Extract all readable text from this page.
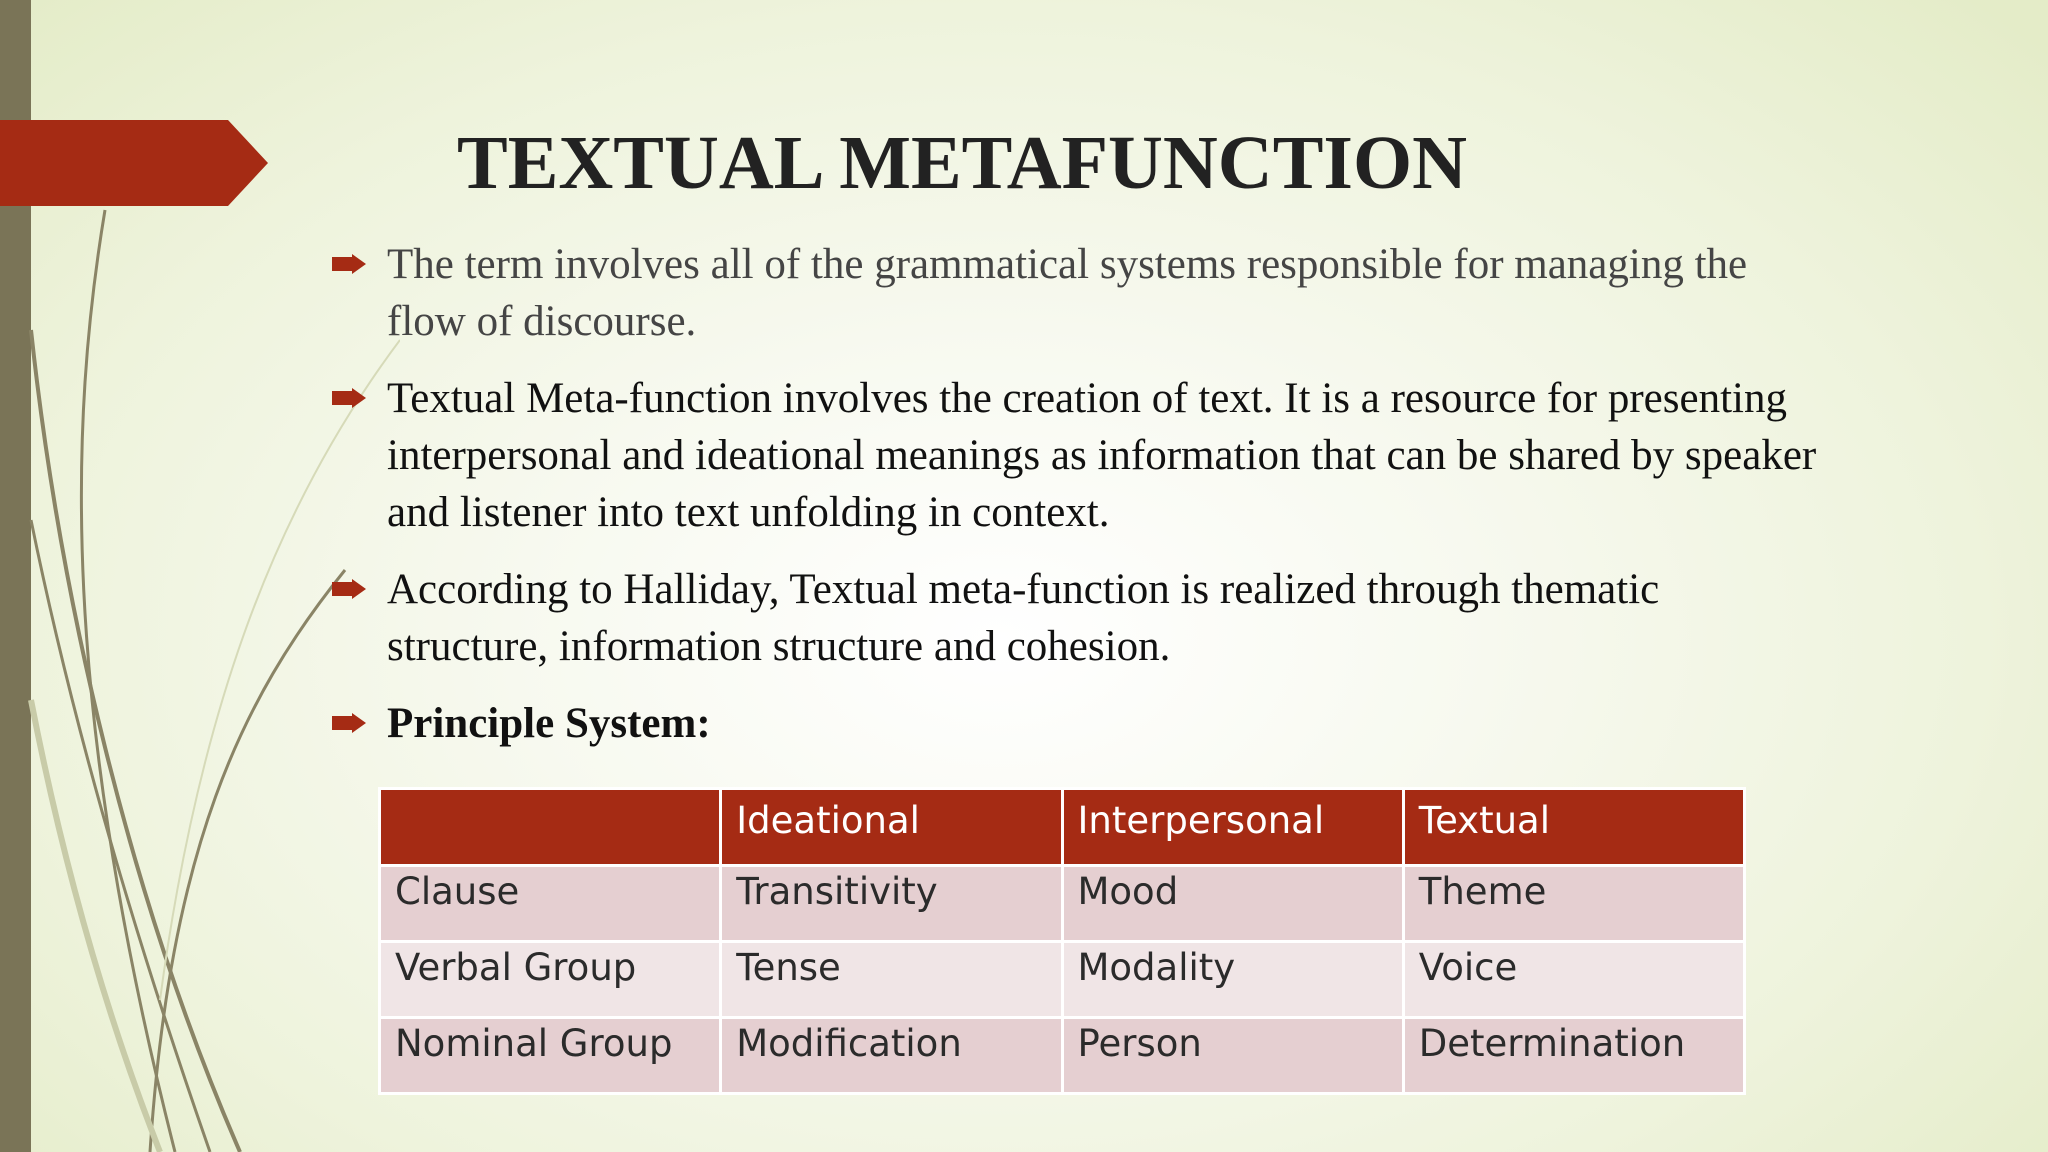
TEXTUAL METAFUNCTION
The term involves all of the grammatical systems responsible for managing the flow of discourse.
Textual Meta-function involves the creation of text. It is a resource for presenting interpersonal and ideational meanings as information that can be shared by speaker and listener into text unfolding in context.
According to Halliday, Textual meta-function is realized through thematic structure, information structure and cohesion.
Principle System:
	Ideational	Interpersonal	Textual
Clause	Transitivity	Mood	Theme
Verbal Group	Tense	Modality	Voice
Nominal Group	Modification	Person	Determination
